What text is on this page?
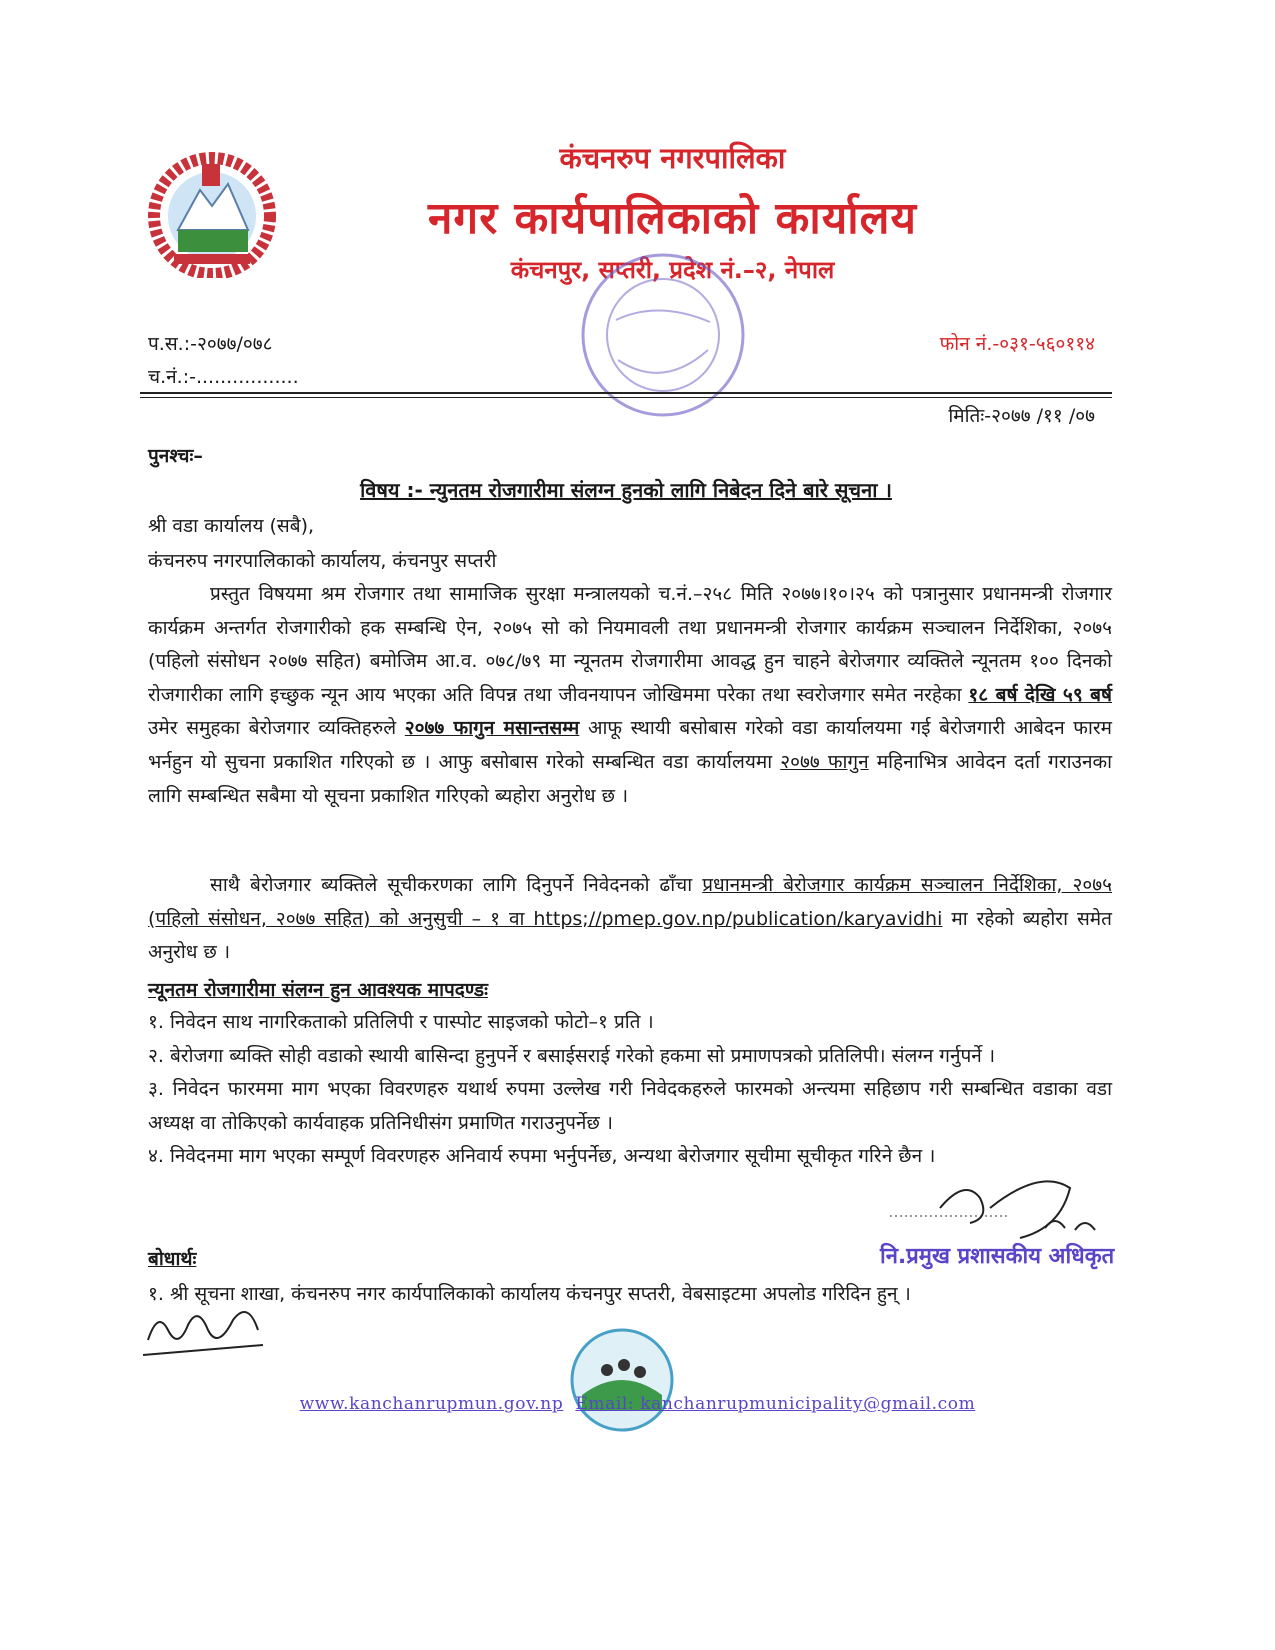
कंचनरुप नगरपालिका
नगर कार्यपालिकाको कार्यालय
कंचनपुर, सप्तरी, प्रदेश नं.–२, नेपाल
प.स.:-२०७७/०७८
च.नं.:-.................
फोन नं.-०३१-५६०११४
मितिः-२०७७ /११ /०७
पुनश्चः–
विषय :- न्युनतम रोजगारीमा संलग्न हुनको लागि निबेदन दिने बारे सूचना ।
श्री वडा कार्यालय (सबै),
कंचनरुप नगरपालिकाको कार्यालय, कंचनपुर सप्तरी
प्रस्तुत विषयमा श्रम रोजगार तथा सामाजिक सुरक्षा मन्त्रालयको च.नं.–२५८ मिति २०७७।१०।२५ को पत्रानुसार प्रधानमन्त्री रोजगार कार्यक्रम अन्तर्गत रोजगारीको हक सम्बन्धि ऐन, २०७५ सो को नियमावली तथा प्रधानमन्त्री रोजगार कार्यक्रम सञ्चालन निर्देशिका, २०७५ (पहिलो संसोधन २०७७ सहित) बमोजिम आ.व. ०७८/७९ मा न्यूनतम रोजगारीमा आवद्ध हुन चाहने बेरोजगार व्यक्तिले न्यूनतम १०० दिनको रोजगारीका लागि इच्छुक न्यून आय भएका अति विपन्न तथा जीवनयापन जोखिममा परेका तथा स्वरोजगार समेत नरहेका १८ बर्ष देखि ५९ बर्ष उमेर समुहका बेरोजगार व्यक्तिहरुले २०७७ फागुन मसान्तसम्म आफू स्थायी बसोबास गरेको वडा कार्यालयमा गई बेरोजगारी आबेदन फारम भर्नहुन यो सुचना प्रकाशित गरिएको छ । आफु बसोबास गरेको सम्बन्धित वडा कार्यालयमा २०७७ फागुन महिनाभित्र आवेदन दर्ता गराउनका लागि सम्बन्धित सबैमा यो सूचना प्रकाशित गरिएको ब्यहोरा अनुरोध छ ।
साथै बेरोजगार ब्यक्तिले सूचीकरणका लागि दिनुपर्ने निवेदनको ढाँचा प्रधानमन्त्री बेरोजगार कार्यक्रम सञ्चालन निर्देशिका, २०७५ (पहिलो संसोधन, २०७७ सहित) को अनुसुची – १ वा https;//pmep.gov.np/publication/karyavidhi मा रहेको ब्यहोरा समेत अनुरोध छ ।
न्यूनतम रोजगारीमा संलग्न हुन आवश्यक मापदण्डः

१. निवेदन साथ नागरिकताको प्रतिलिपी र पास्पोट साइजको फोटो–१ प्रति ।

२. बेरोजगा ब्यक्ति सोही वडाको स्थायी बासिन्दा हुनुपर्ने र बसाईसराई गरेको हकमा सो प्रमाणपत्रको प्रतिलिपी। संलग्न गर्नुपर्ने ।

३. निवेदन फारममा माग भएका विवरणहरु यथार्थ रुपमा उल्लेख गरी निवेदकहरुले फारमको अन्त्यमा सहिछाप गरी सम्बन्धित वडाका वडा अध्यक्ष वा तोकिएको कार्यवाहक प्रतिनिधीसंग प्रमाणित गराउनुपर्नेछ ।

४. निवेदनमा माग भएका सम्पूर्ण विवरणहरु अनिवार्य रुपमा भर्नुपर्नेछ, अन्यथा बेरोजगार सूचीमा सूचीकृत गरिने छैन ।

नि.प्रमुख प्रशासकीय अधिकृत
बोधार्थः
१. श्री सूचना शाखा, कंचनरुप नगर कार्यपालिकाको कार्यालय कंचनपुर सप्तरी, वेबसाइटमा अपलोड गरिदिन हुन् ।
www.kanchanrupmun.gov.np Email: kanchanrupmunicipality@gmail.com
